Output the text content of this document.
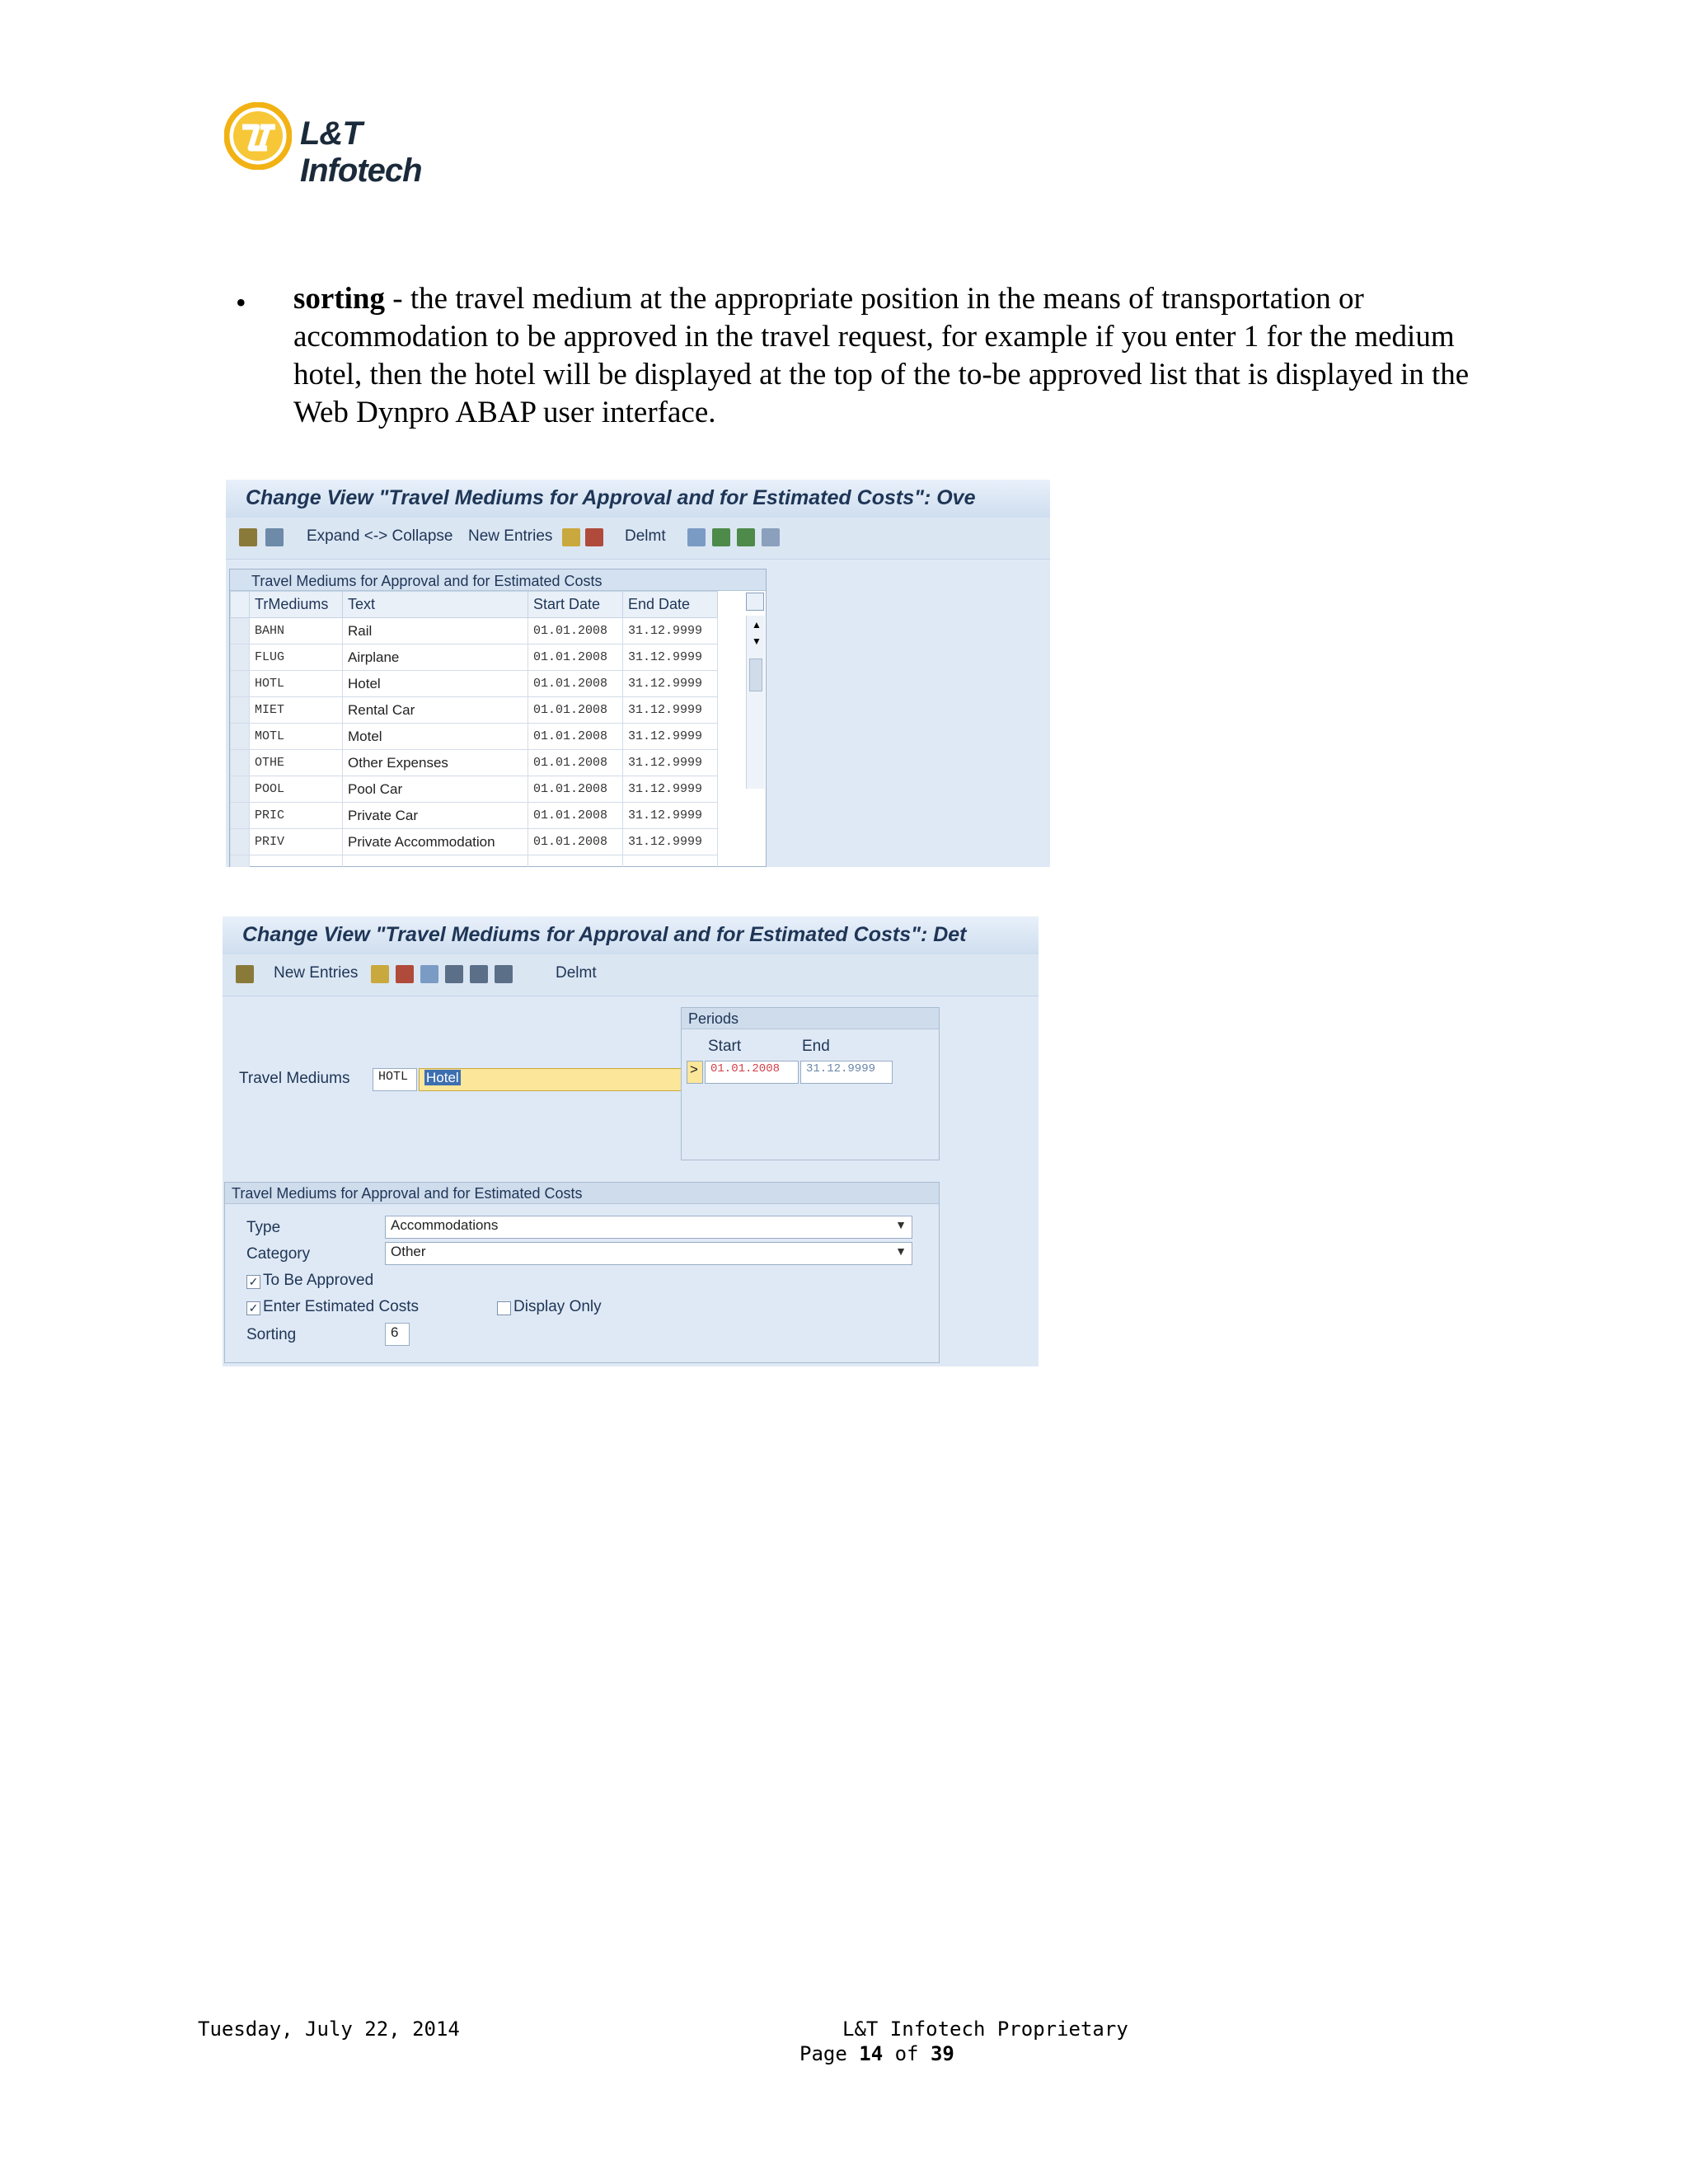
L&T Infotech
• sorting - the travel medium at the appropriate position in the means of transportation or accommodation to be approved in the travel request, for example if you enter 1 for the medium hotel, then the hotel will be displayed at the top of the to-be approved list that is displayed in the Web Dynpro ABAP user interface.
Change View "Travel Mediums for Approval and for Estimated Costs": Ove
Expand <-> Collapse New Entries	Delmt
Travel Mediums for Approval and for Estimated Costs
	TrMediums	Text	Start Date	End Date
	BAHN	Rail	01.01.2008	31.12.9999
	FLUG	Airplane	01.01.2008	31.12.9999
	HOTL	Hotel	01.01.2008	31.12.9999
	MIET	Rental Car	01.01.2008	31.12.9999
	MOTL	Motel	01.01.2008	31.12.9999
	OTHE	Other Expenses	01.01.2008	31.12.9999
	POOL	Pool Car	01.01.2008	31.12.9999
	PRIC	Private Car	01.01.2008	31.12.9999
	PRIV	Private Accommodation	01.01.2008	31.12.9999

▲
▼
Change View "Travel Mediums for Approval and for Estimated Costs": Det
New Entries	Delmt
Travel Mediums	HOTL	Hotel
Periods
Start	End
>	01.01.2008	31.12.9999
Travel Mediums for Approval and for Estimated Costs
Type	Accommodations	▼
Category	Other	▼
✓ To Be Approved
✓ Enter Estimated Costs	Display Only
Sorting	6
Tuesday, July 22, 2014	L&T Infotech Proprietary
Page 14 of 39
